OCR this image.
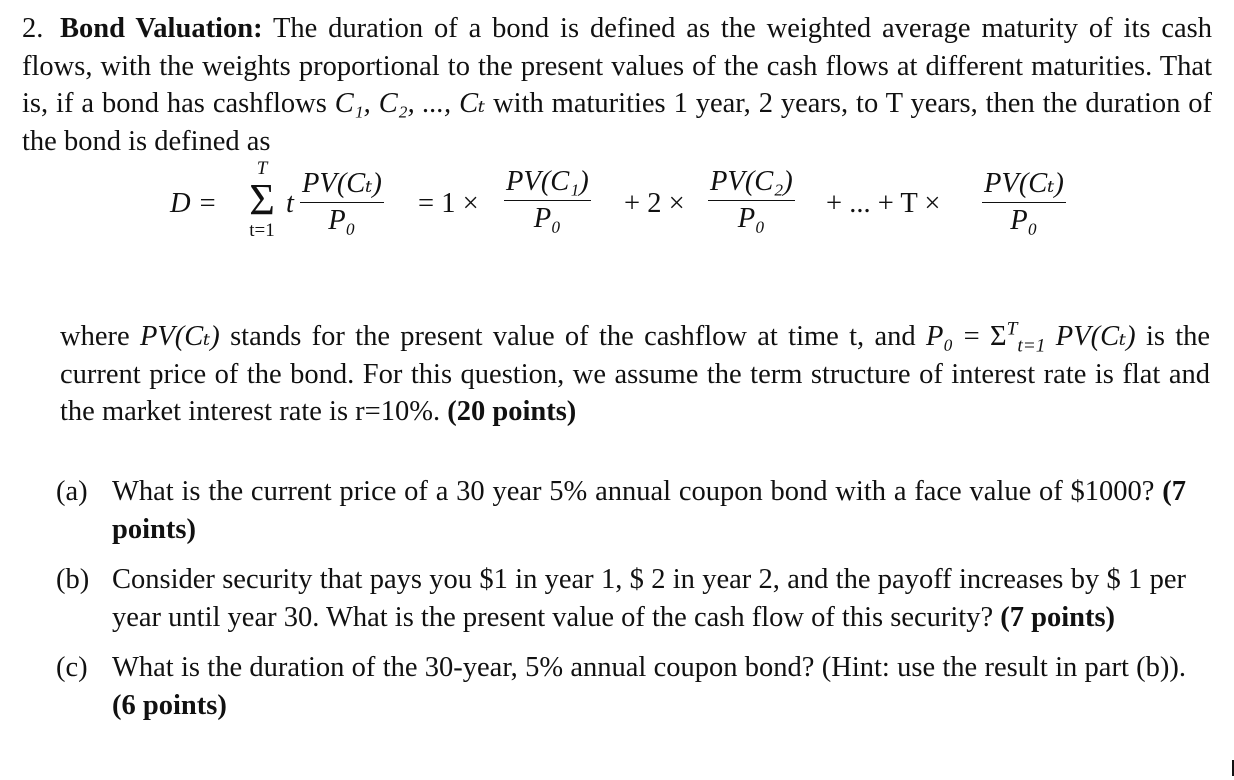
2. Bond Valuation: The duration of a bond is defined as the weighted average maturity of its cash flows, with the weights proportional to the present values of the cash flows at different maturities. That is, if a bond has cashflows C₁, C₂, ..., Cₜ with maturities 1 year, 2 years, to T years, then the duration of the bond is defined as
D =
T
Σ
t=1
t $\frac{\text{PV(Cₜ)}}{\text{P₀}} = 1 \times \frac{\text{PV(C₁)}}{\text{P₀}} + 2 \times \frac{\text{PV(C₂)}}{\text{P₀}}$ + ... + $T \times \frac{\text{PV(Cₜ)}}{\text{P₀}}$
where PV(Cₜ) stands for the present value of the cashflow at time t, and $P_0 = \Sigma^T_{t=1}$ PV(Cₜ) is the current price of the bond. For this question, we assume the term structure of interest rate is flat and the market interest rate is r=10%. (20 points)
(a) What is the current price of a 30 year 5% annual coupon bond with a face value of $1000? (7 points)
(b) Consider security that pays you $1 in year 1, $ 2 in year 2, and the payoff increases by $ 1 per year until year 30. What is the present value of the cash flow of this security? (7 points)
(c) What is the duration of the 30-year, 5% annual coupon bond? (Hint: use the result in part (b)). (6 points)
